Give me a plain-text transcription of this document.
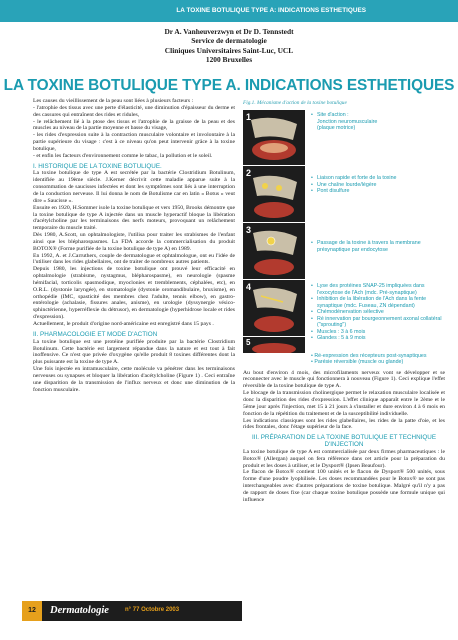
LA TOXINE BOTULIQUE TYPE A: INDICATIONS ESTHETIQUES
Dr A. Vanheuverzwyn et Dr D. Tennstedt
Service de dermatologie
Cliniques Universitaires Saint-Luc, UCL
1200 Bruxelles
LA TOXINE BOTULIQUE TYPE A. INDICATIONS ESTHETIQUES

Les causes du vieillissement de la peau sont liées à plusieurs facteurs :

- l'atrophie des tissus avec une perte d'élasticité, une diminution d'épaisseur du derme et des cassures qui entraînent des rides et ridules,

- le relâchement lié à la ptose des tissus et l'atrophie de la graisse de la peau et des muscles au niveau de la partie moyenne et basse du visage,

- les rides d'expression suite à la contraction musculaire volontaire et involontaire à la partie supérieure du visage : c'est à ce niveau qu'on peut intervenir grâce à la toxine botulique,

- et enfin les facteurs d'environnement comme le tabac, la pollution et le soleil.

I. HISTORIQUE DE LA TOXINE BOTULIQUE.

La toxine botulique de type A est secrétée par la bactérie Clostridium Botulinum, identifiée au 19ème siècle. J.Kerner décrivit cette maladie apparue suite à la consommation de saucisses infectées et dont les symptômes sont liés à une interruption de la conduction nerveuse. Il lui donna le nom de Botulisme car en latin « Botus » veut dire « Saucisse ».

Ensuite en 1920, H.Sommer isole la toxine botulique et vers 1950, Brooks démontre que la toxine botulique de type A injectée dans un muscle hyperactif bloque la libération d'acétylcholine par les terminaisons des nerfs moteurs, provoquant un relâchement temporaire du muscle traité.

Dès 1980, A.Scott, un ophtalmologiste, l'utilisa pour traiter les strabismes de l'enfant ainsi que les blépharospasmes. La FDA accorde la commercialisation du produit BOTOX® (Forme purifiée de la toxine botulique de type A) en 1989.

En 1992, A. et J.Carruthers, couple de dermatologue et ophtalmologue, ont eu l'idée de l'utiliser dans les rides glabellaires, ont de traiter de nombreux autres patients.

Depuis 1980, les injections de toxine botulique ont prouvé leur efficacité en ophtalmologie (strabisme, nystagmus, blépharospasme), en neurologie (spasme hémifacial, torticolis spasmodique, myoclonies et tremblements, céphalées, etc), en O.R.L. (dystonie laryngée), en stomatologie (dystonie oromandibulaire, bruxisme), en orthopédie (IMC, spasticité des membres chez l'adulte, tennis elbow), en gastro-entérologie (achalasie, fissures anales, anisme), en urologie (dyssynergie vésico-sphinctérienne, hyperréflexie du détrusor), en dermatologie (hyperhidrose locale et rides d'expression).

Actuellement, le produit d'origine nord-américaine est enregistré dans 15 pays .

II. PHARMACOLOGIE ET MODE D'ACTION

La toxine botulique est une protéine purifiée produite par la bactérie Clostridium Botulinum. Cette bactérie est largement répandue dans la nature et est tout à fait inoffensive. Ce n'est que privée d'oxygène qu'elle produit 8 toxines différentes dont la plus puissante est la toxine de type A.

Une fois injectée en intramusculaire, cette molécule va pénétrer dans les terminaisons nerveuses ou synapses et bloquer la libération d'acétylcholine (Figure 1) . Ceci entraîne une disparition de la transmission de l'influx nerveux et donc une diminution de la fonction musculaire.

Fig.1. Mécanisme d'action de la toxine botulique
1	• Site d'action :
Jonction neuromusculaire
(plaque motrice)
2	• Liaison rapide et forte de la toxine
• Une chaîne lourde/légère
• Pont disulfure
3
• Passage de la toxine à travers la membrane présynaptique par endocytose
4	• Lyse des protéines SNAP-25 impliquées dans l'exocytose de l'Ach (mdc. Pré-synaptique)
• Inhibition de la libération de l'Ach dans la fente synaptique (mdc. Fuseau, ZN dépendant)
• Chémodénervation sélective
• Ré innervation par bourgeonnement axonal collatéral ("sprouting")
• Muscles : 3 à 6 mois
• Glandes : 5 à 9 mois
5
• Ré-expression des récepteurs post-synaptiques
• Parésie réversible (muscle ou glande)

Au bout d'environ 4 mois, des microfilaments nerveux vont se développer et se reconnecter avec le muscle qui fonctionnera à nouveau (Figure 1). Ceci explique l'effet réversible de la toxine botulique de type A.

Le blocage de la transmission cholinergique permet le relaxation musculaire localisée et donc la disparition des rides d'expression. L'effet clinique apparaît entre le 2ème et le 5ème jour après l'injection, met 15 à 21 jours à s'installer et dure environ 4 à 6 mois en fonction de la répétition du traitement et de la susceptibilité individuelle.

Les indications classiques sont les rides glabellaires, les rides de la patte d'oie, et les rides frontales, donc l'étage supérieur de la face.

III. PRÉPARATION DE LA TOXINE BOTULIQUE ET TECHNIQUE D'INJECTION

La toxine botulique de type A est commercialisée par deux firmes pharmaceutiques : le Botox® (Allergan) auquel on fera référence dans cet article pour la préparation du produit et les doses à utiliser, et le Dysport® (Ipsen Beaufour).

Le flacon de Botox® contient 100 unités et le flacon de Dysport® 500 unités, sous forme d'une poudre lyophilisée. Les doses recommandées pour le Botox® ne sont pas interchangeables avec d'autres préparations de toxine botulique. Malgré qu'il n'y a pas de rapport de doses fixe (car chaque toxine botulique possède une formule unique qui influence

12	Dermatologie	n° 77 Octobre 2003
